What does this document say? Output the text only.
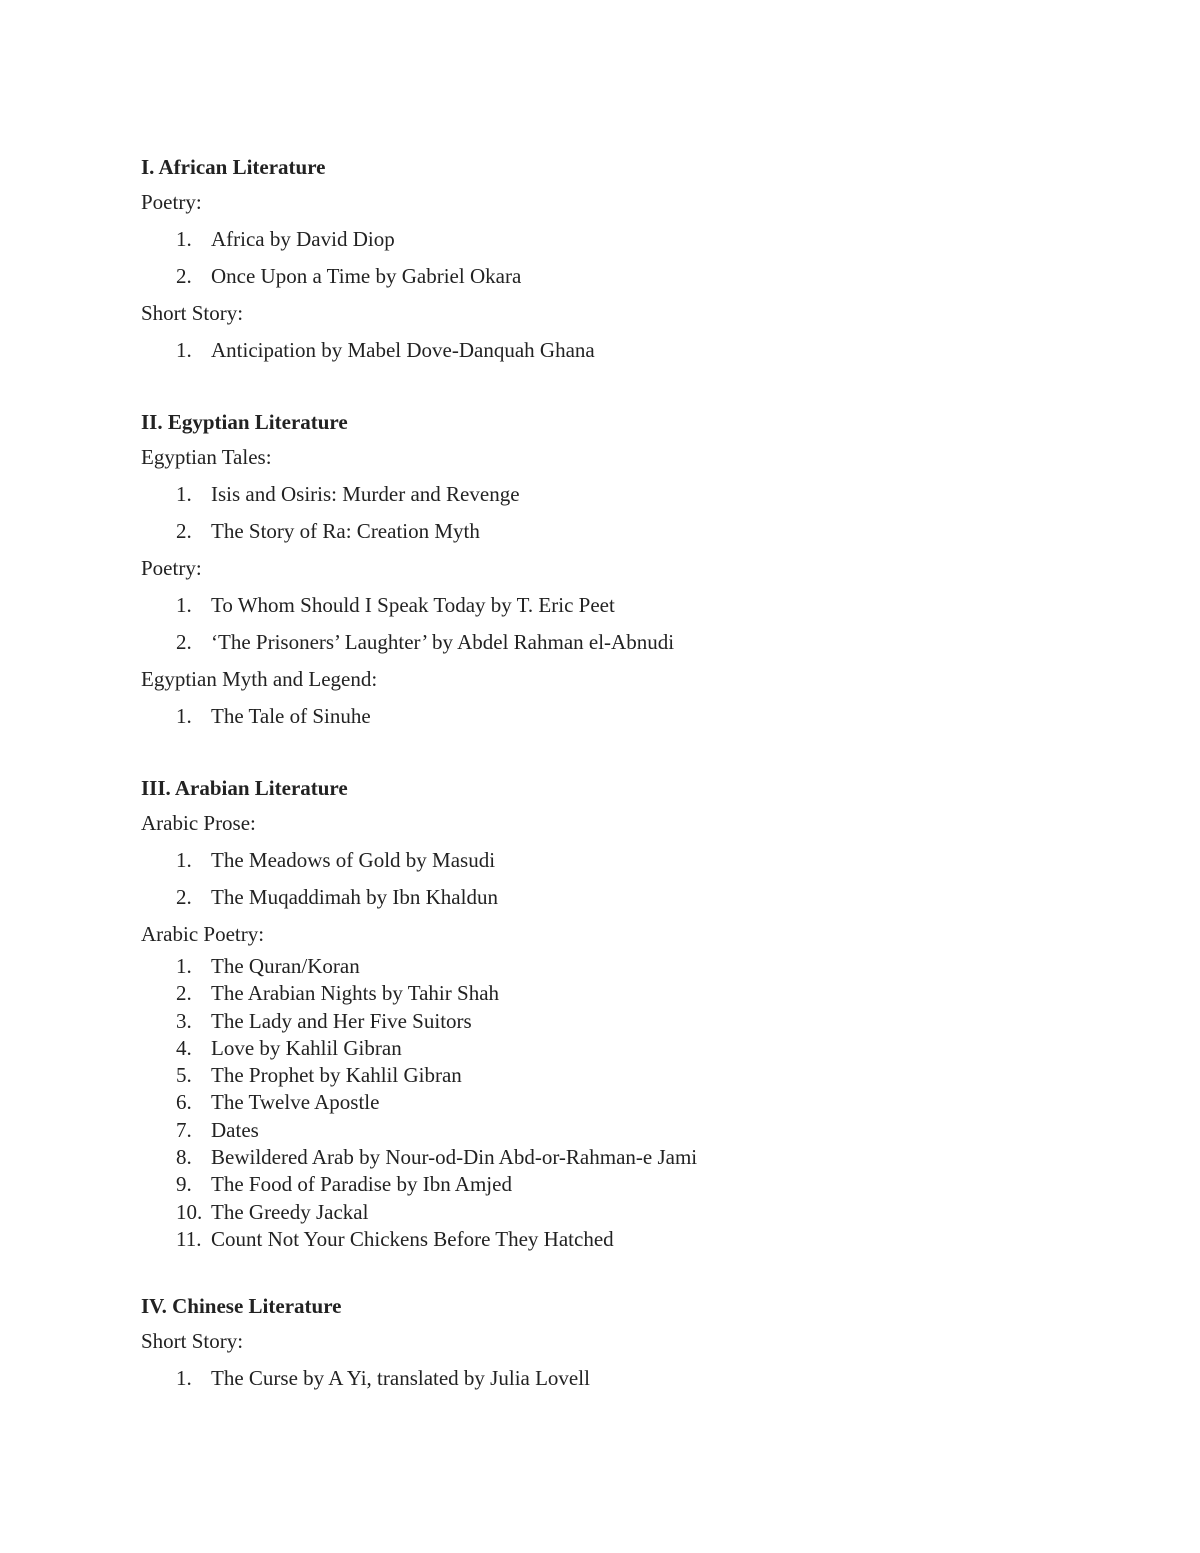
I. African Literature
Poetry:
1. Africa by David Diop
2. Once Upon a Time by Gabriel Okara
Short Story:
1. Anticipation by Mabel Dove-Danquah Ghana
II. Egyptian Literature
Egyptian Tales:
1. Isis and Osiris: Murder and Revenge
2. The Story of Ra: Creation Myth
Poetry:
1. To Whom Should I Speak Today by T. Eric Peet
2. ‘The Prisoners’ Laughter’ by Abdel Rahman el-Abnudi
Egyptian Myth and Legend:
1. The Tale of Sinuhe
III. Arabian Literature
Arabic Prose:
1. The Meadows of Gold by Masudi
2. The Muqaddimah by Ibn Khaldun
Arabic Poetry:
1. The Quran/Koran
2. The Arabian Nights by Tahir Shah
3. The Lady and Her Five Suitors
4. Love by Kahlil Gibran
5. The Prophet by Kahlil Gibran
6. The Twelve Apostle
7. Dates
8. Bewildered Arab by Nour-od-Din Abd-or-Rahman-e Jami
9. The Food of Paradise by Ibn Amjed
10. The Greedy Jackal
11. Count Not Your Chickens Before They Hatched
IV. Chinese Literature
Short Story:
1. The Curse by A Yi, translated by Julia Lovell
